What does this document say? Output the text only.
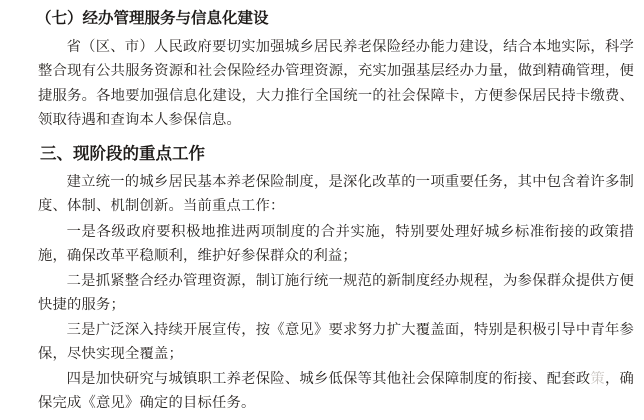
（七）经办管理服务与信息化建设

省（区、市）人民政府要切实加强城乡居民养老保险经办能力建设，结合本地实际，科学整合现有公共服务资源和社会保险经办管理资源，充实加强基层经办力量，做到精确管理，便捷服务。各地要加强信息化建设，大力推行全国统一的社会保障卡，方便参保居民持卡缴费、领取待遇和查询本人参保信息。

三、现阶段的重点工作

建立统一的城乡居民基本养老保险制度，是深化改革的一项重要任务，其中包含着许多制度、体制、机制创新。当前重点工作：

一是各级政府要积极地推进两项制度的合并实施，特别要处理好城乡标准衔接的政策措施，确保改革平稳顺利，维护好参保群众的利益；

二是抓紧整合经办管理资源，制订施行统一规范的新制度经办规程，为参保群众提供方便快捷的服务；

三是广泛深入持续开展宣传，按《意见》要求努力扩大覆盖面，特别是积极引导中青年参保，尽快实现全覆盖；

四是加快研究与城镇职工养老保险、城乡低保等其他社会保障制度的衔接、配套政策，确保完成《意见》确定的目标任务。
